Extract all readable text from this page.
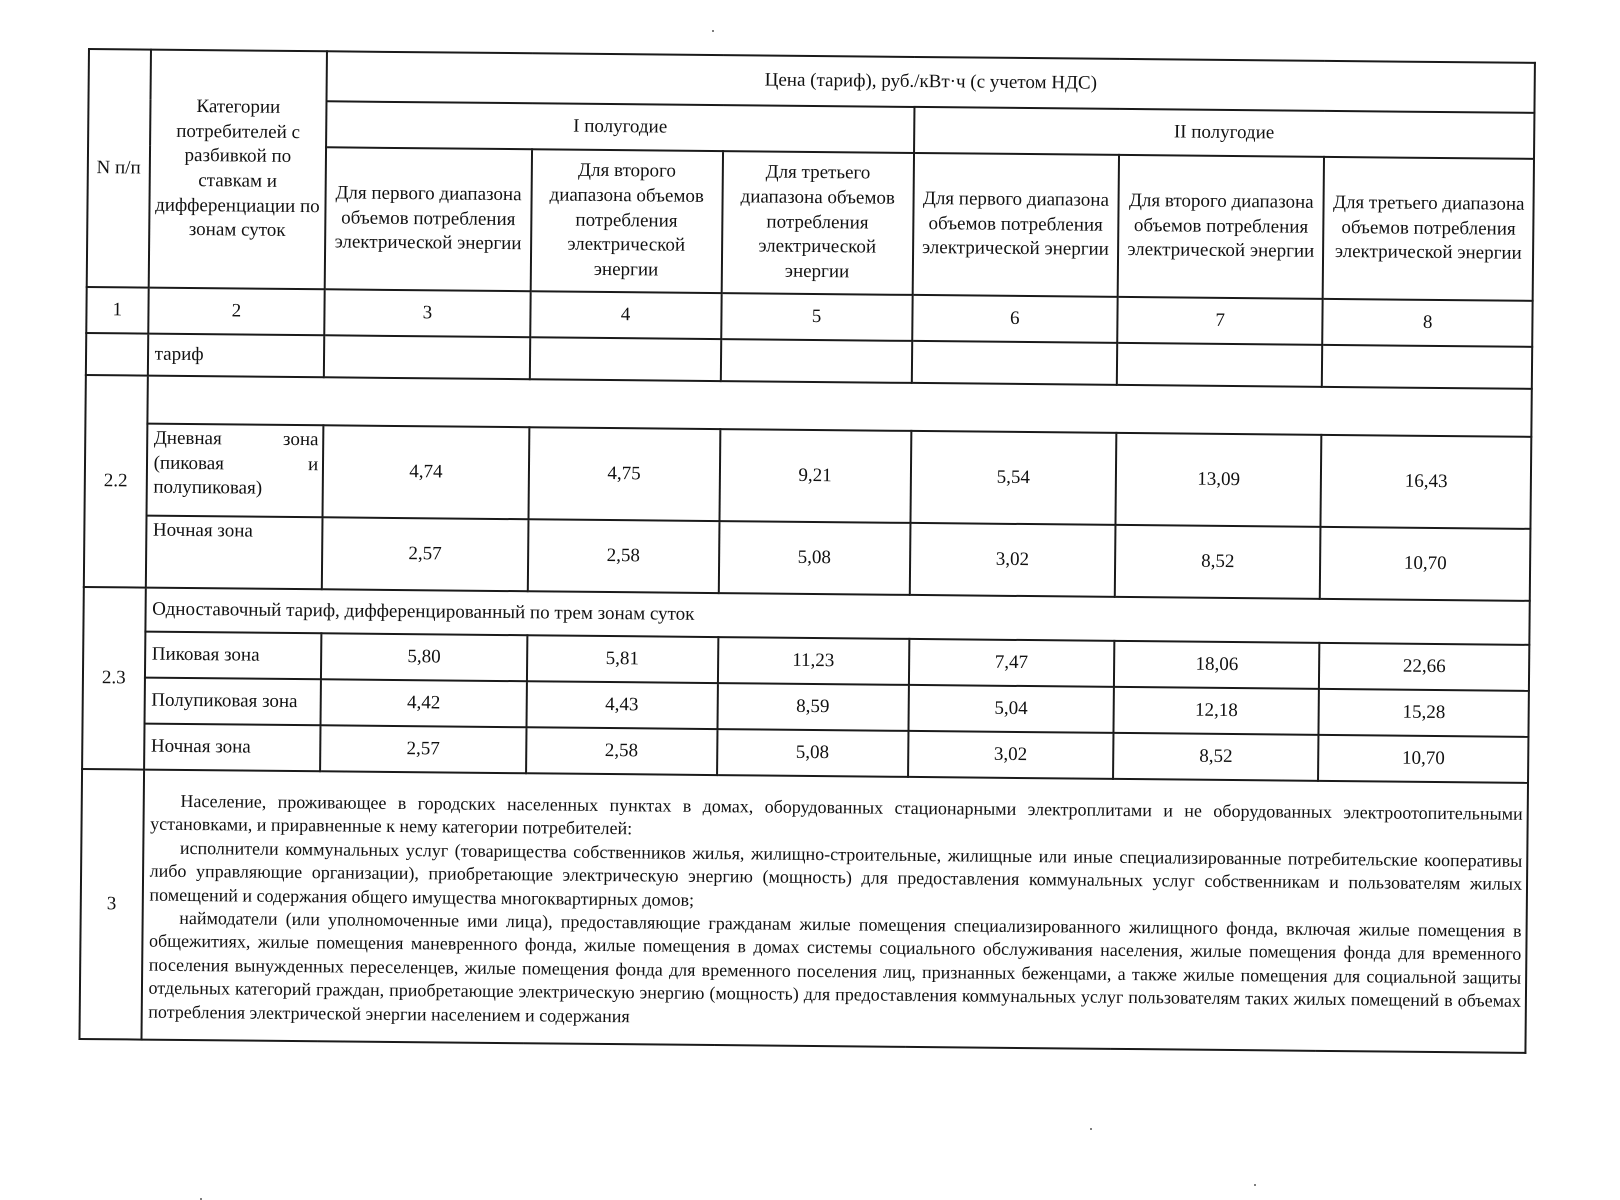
N п/п	Категории потребителей с разбивкой по ставкам и дифференциации по зонам суток	Цена (тариф), руб./кВт·ч (с учетом НДС)					
		I полугодие			II полугодие		
		Для первого диапазона объемов потребления электрической энергии	Для второго диапазона объемов потребления электрической энергии	Для третьего диапазона объемов потребления электрической энергии	Для первого диапазона объемов потребления электрической энергии	Для второго диапазона объемов потребления электрической энергии	Для третьего диапазона объемов потребления электрической энергии
1	2	3	4	5	6	7	8
	тариф						
2.2							
	Дневная зона (пиковая и полупиковая)	4,74	4,75	9,21	5,54	13,09	16,43
	Ночная зона	2,57	2,58	5,08	3,02	8,52	10,70
2.3	Одноставочный тариф, дифференцированный по трем зонам суток						
	Пиковая зона	5,80	5,81	11,23	7,47	18,06	22,66
	Полупиковая зона	4,42	4,43	8,59	5,04	12,18	15,28
	Ночная зона	2,57	2,58	5,08	3,02	8,52	10,70
3	Население, проживающее в городских населенных пунктах в домах, оборудованных стационарными электроплитами и не оборудованных электроотопительными установками, и приравненные к нему категории потребителей:

исполнители коммунальных услуг (товарищества собственников жилья, жилищно-строительные, жилищные или иные специализированные потребительские кооперативы либо управляющие организации), приобретающие электрическую энергию (мощность) для предоставления коммунальных услуг собственникам и пользователям жилых помещений и содержания общего имущества многоквартирных домов;

наймодатели (или уполномоченные ими лица), предоставляющие гражданам жилые помещения специализированного жилищного фонда, включая жилые помещения в общежитиях, жилые помещения маневренного фонда, жилые помещения в домах системы социального обслуживания населения, жилые помещения фонда для временного поселения вынужденных переселенцев, жилые помещения фонда для временного поселения лиц, признанных беженцами, а также жилые помещения для социальной защиты отдельных категорий граждан, приобретающие электрическую энергию (мощность) для предоставления коммунальных услуг пользователям таких жилых помещений в объемах потребления электрической энергии населением и содержания						
